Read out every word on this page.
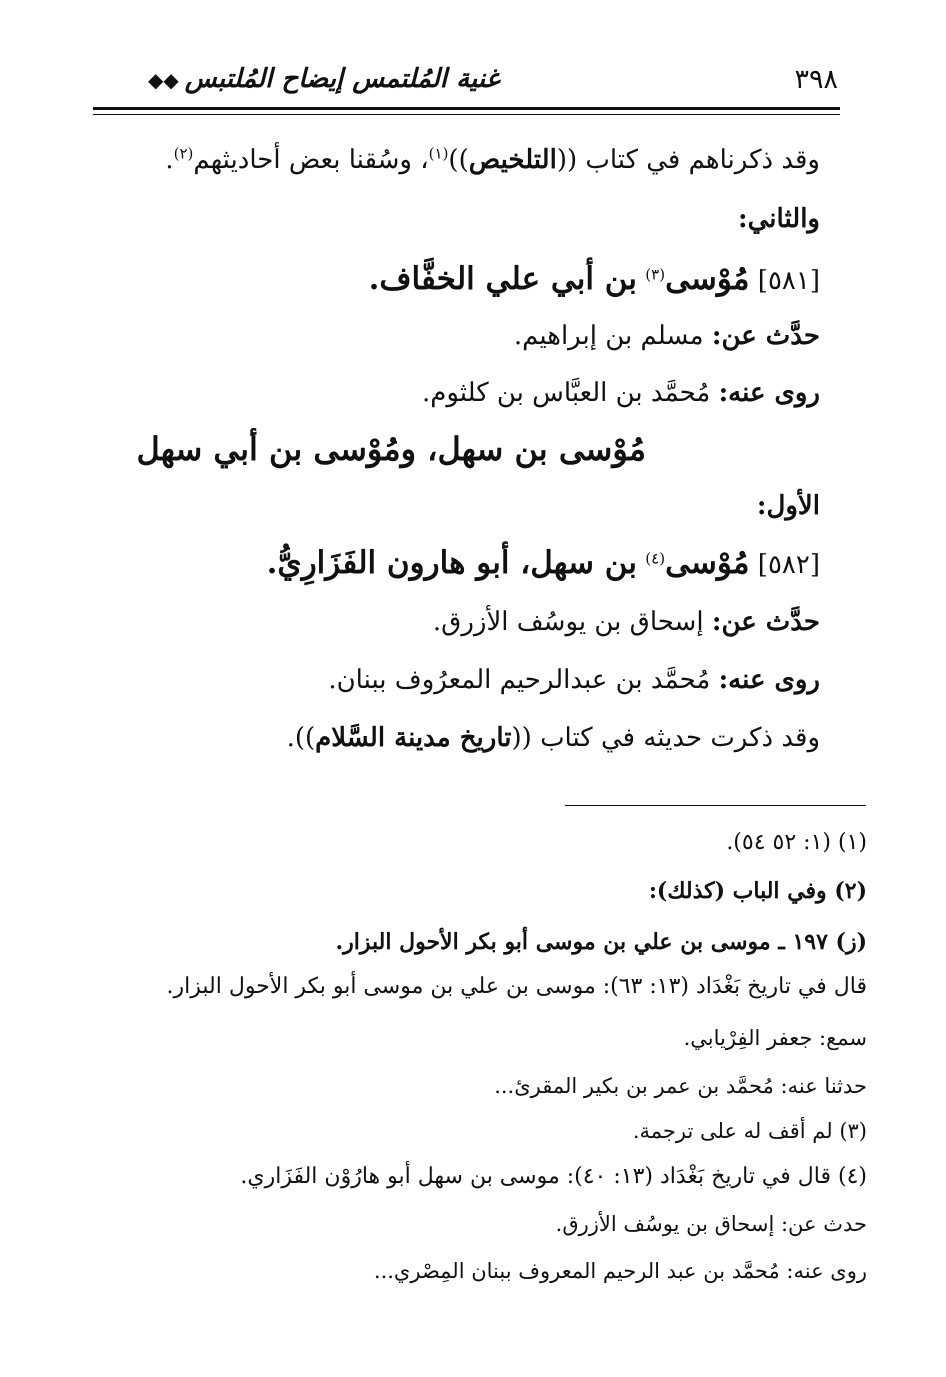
٣٩٨
غنية المُلتمس إيضاح المُلتبس◆◆
وقد ذكرناهم في كتاب ((التلخيص))$^{(١)}$، وسُقنا بعض أحاديثهم$^{(٢)}$.
والثاني:
[٥٨١] مُوْسى$^{(٣)}$ بن أبي علي الخفَّاف.
حدَّث عن: مسلم بن إبراهيم.
روى عنه: مُحمَّد بن العبَّاس بن كلثوم.
مُوْسى بن سهل، ومُوْسى بن أبي سهل
الأول:
[٥٨٢] مُوْسى$^{(٤)}$ بن سهل، أبو هارون الفَزَارِيُّ.
حدَّث عن: إسحاق بن يوسُف الأزرق.
روى عنه: مُحمَّد بن عبدالرحيم المعرُوف ببنان.
وقد ذكرت حديثه في كتاب ((تاريخ مدينة السَّلام)).
(١) (١: ٥٢ ٥٤).
(٢) وفي الباب (كذلك):
(ز) ١٩٧ ـ موسى بن علي بن موسى أبو بكر الأحول البزار.
قال في تاريخ بَغْدَاد (١٣: ٦٣): موسى بن علي بن موسى أبو بكر الأحول البزار.
سمع: جعفر الفِرْيابي.
حدثنا عنه: مُحمَّد بن عمر بن بكير المقرئ...
(٣) لم أقف له على ترجمة.
(٤) قال في تاريخ بَغْدَاد (١٣: ٤٠): موسى بن سهل أبو هارُوْن الفَزَاري.
حدث عن: إسحاق بن يوسُف الأزرق.
روى عنه: مُحمَّد بن عبد الرحيم المعروف ببنان المِصْري...
